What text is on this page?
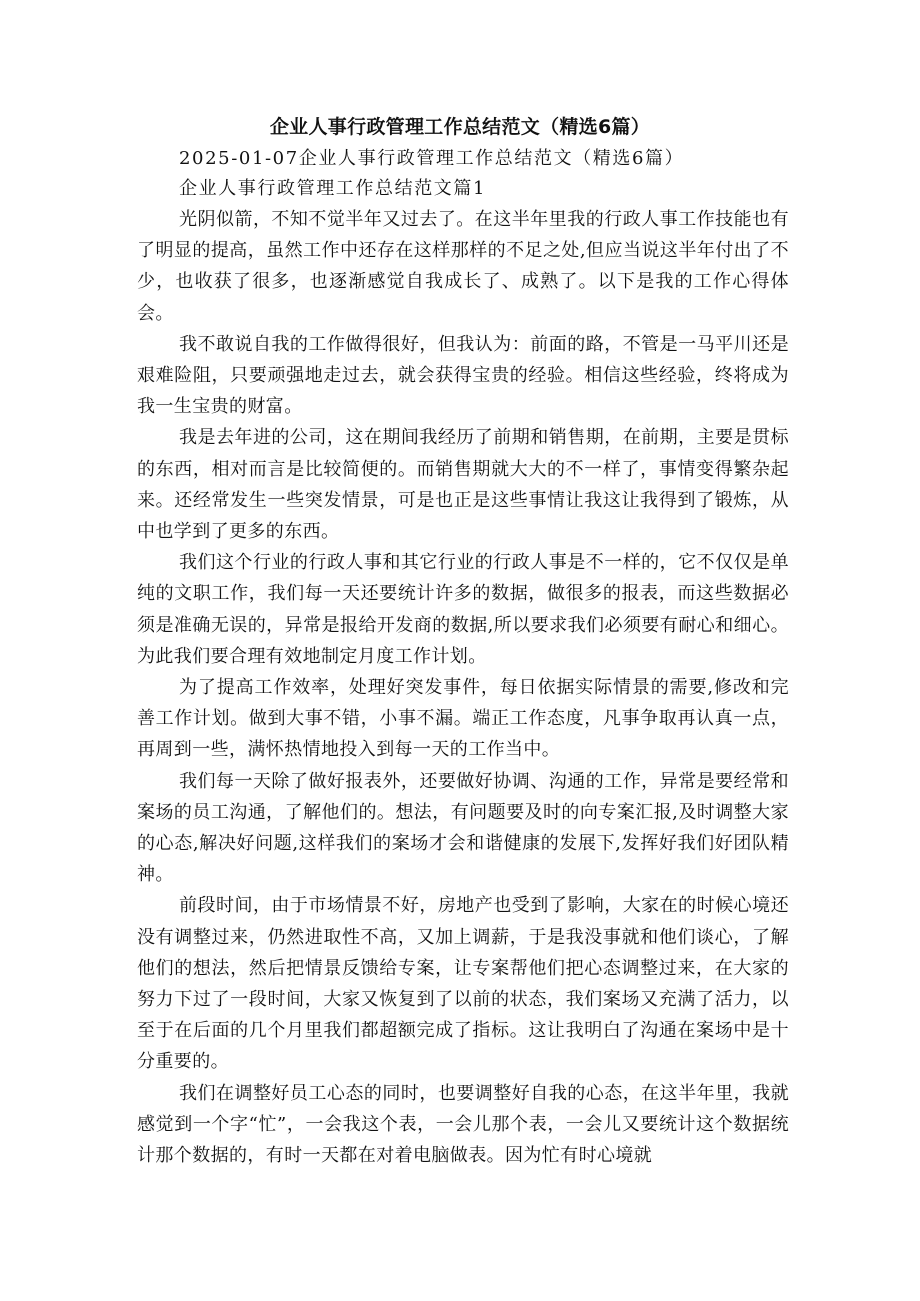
企业人事行政管理工作总结范文（精选6篇）
2025-01-07企业人事行政管理工作总结范文（精选6篇）
企业人事行政管理工作总结范文篇1

光阴似箭，不知不觉半年又过去了。在这半年里我的行政人事工作技能也有了明显的提高，虽然工作中还存在这样那样的不足之处,但应当说这半年付出了不少，也收获了很多，也逐渐感觉自我成长了、成熟了。以下是我的工作心得体会。

我不敢说自我的工作做得很好，但我认为：前面的路，不管是一马平川还是艰难险阻，只要顽强地走过去，就会获得宝贵的经验。相信这些经验，终将成为我一生宝贵的财富。

我是去年进的公司，这在期间我经历了前期和销售期，在前期，主要是贯标的东西，相对而言是比较简便的。而销售期就大大的不一样了，事情变得繁杂起来。还经常发生一些突发情景，可是也正是这些事情让我这让我得到了锻炼，从中也学到了更多的东西。

我们这个行业的行政人事和其它行业的行政人事是不一样的，它不仅仅是单纯的文职工作，我们每一天还要统计许多的数据，做很多的报表，而这些数据必须是准确无误的，异常是报给开发商的数据,所以要求我们必须要有耐心和细心。为此我们要合理有效地制定月度工作计划。

为了提高工作效率，处理好突发事件，每日依据实际情景的需要,修改和完善工作计划。做到大事不错，小事不漏。端正工作态度，凡事争取再认真一点，再周到一些，满怀热情地投入到每一天的工作当中。

我们每一天除了做好报表外，还要做好协调、沟通的工作，异常是要经常和案场的员工沟通，了解他们的。想法，有问题要及时的向专案汇报,及时调整大家的心态,解决好问题,这样我们的案场才会和谐健康的发展下,发挥好我们好团队精神。

前段时间，由于市场情景不好，房地产也受到了影响，大家在的时候心境还没有调整过来，仍然进取性不高，又加上调薪，于是我没事就和他们谈心，了解他们的想法，然后把情景反馈给专案，让专案帮他们把心态调整过来，在大家的努力下过了一段时间，大家又恢复到了以前的状态，我们案场又充满了活力，以至于在后面的几个月里我们都超额完成了指标。这让我明白了沟通在案场中是十分重要的。

我们在调整好员工心态的同时，也要调整好自我的心态，在这半年里，我就感觉到一个字“忙”，一会我这个表，一会儿那个表，一会儿又要统计这个数据统计那个数据的，有时一天都在对着电脑做表。因为忙有时心境就
